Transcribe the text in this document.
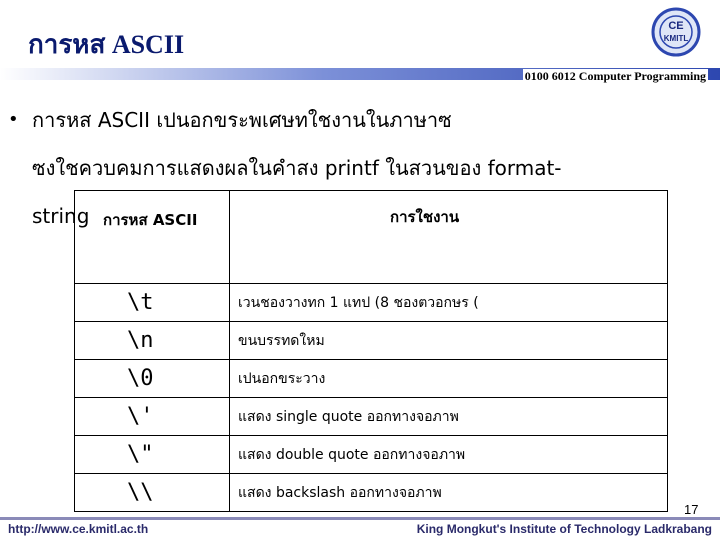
การหส ASCII
CE
KMITL
0100 6012 Computer Programming
• การหส ASCII เปนอกขระพเศษทใชงานในภาษาซ
ซงใชควบคมการแสดงผลในคำสง printf ในสวนของ format-
string การหส ASCII	การใชงาน
\t	เวนชองวางทก 1 แทป (8 ชองตวอกษร (
\n	ขนบรรทดใหม
\0	เปนอกขระวาง
\'	แสดง single quote ออกทางจอภาพ
\"	แสดง double quote ออกทางจอภาพ
\\	แสดง backslash ออกทางจอภาพ
17
http://www.ce.kmitl.ac.th	King Mongkut's Institute of Technology Ladkrabang
